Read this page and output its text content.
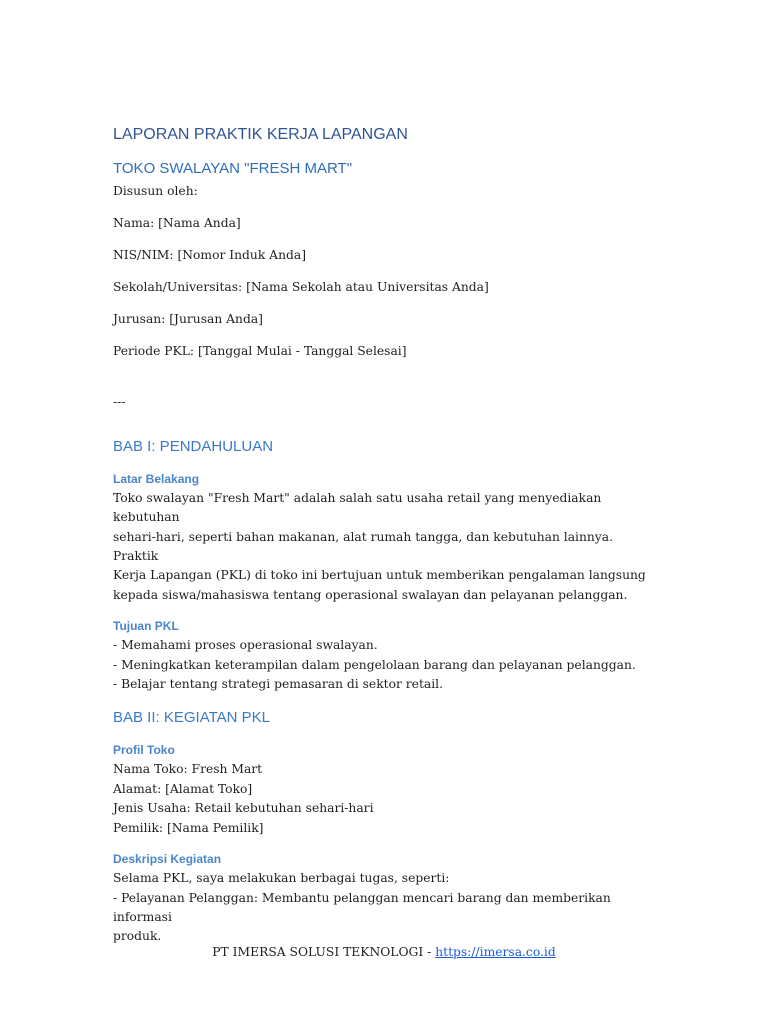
LAPORAN PRAKTIK KERJA LAPANGAN
TOKO SWALAYAN "FRESH MART"
Disusun oleh:
Nama: [Nama Anda]
NIS/NIM: [Nomor Induk Anda]
Sekolah/Universitas: [Nama Sekolah atau Universitas Anda]
Jurusan: [Jurusan Anda]
Periode PKL: [Tanggal Mulai - Tanggal Selesai]
---
BAB I: PENDAHULUAN
Latar Belakang
Toko swalayan "Fresh Mart" adalah salah satu usaha retail yang menyediakan kebutuhan
sehari-hari, seperti bahan makanan, alat rumah tangga, dan kebutuhan lainnya. Praktik
Kerja Lapangan (PKL) di toko ini bertujuan untuk memberikan pengalaman langsung
kepada siswa/mahasiswa tentang operasional swalayan dan pelayanan pelanggan.
Tujuan PKL
- Memahami proses operasional swalayan.
- Meningkatkan keterampilan dalam pengelolaan barang dan pelayanan pelanggan.
- Belajar tentang strategi pemasaran di sektor retail.
BAB II: KEGIATAN PKL
Profil Toko
Nama Toko: Fresh Mart
Alamat: [Alamat Toko]
Jenis Usaha: Retail kebutuhan sehari-hari
Pemilik: [Nama Pemilik]
Deskripsi Kegiatan
Selama PKL, saya melakukan berbagai tugas, seperti:
- Pelayanan Pelanggan: Membantu pelanggan mencari barang dan memberikan informasi
produk.
PT IMERSA SOLUSI TEKNOLOGI - https://imersa.co.id
